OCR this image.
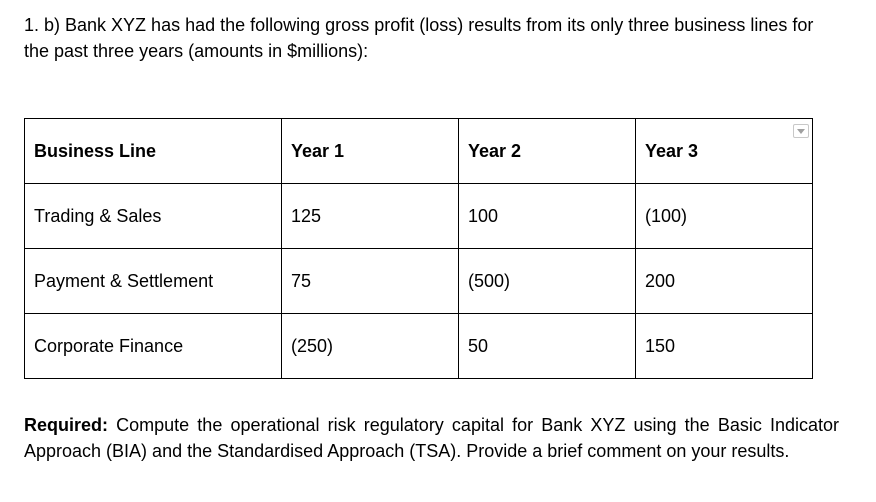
1. b) Bank XYZ has had the following gross profit (loss) results from its only three business lines for the past three years (amounts in $millions):
Business Line	Year 1	Year 2	Year 3
Trading & Sales	125	100	(100)
Payment & Settlement	75	(500)	200
Corporate Finance	(250)	50	150
Required: Compute the operational risk regulatory capital for Bank XYZ using the Basic Indicator Approach (BIA) and the Standardised Approach (TSA). Provide a brief comment on your results.
